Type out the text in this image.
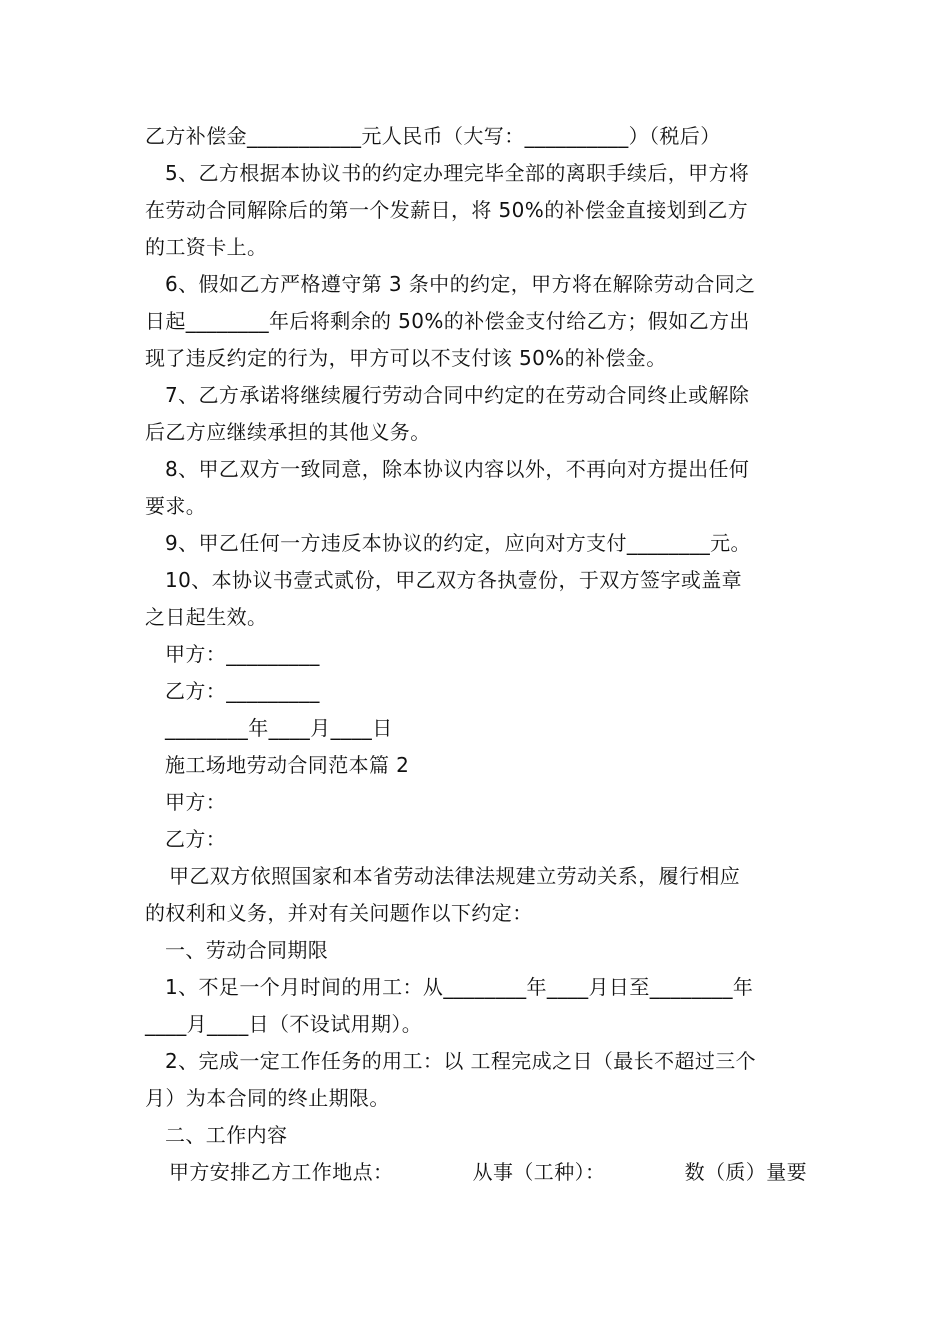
乙方补偿金___________元人民币（大写：__________）（税后）
5、乙方根据本协议书的约定办理完毕全部的离职手续后，甲方将
在劳动合同解除后的第一个发薪日，将 50%的补偿金直接划到乙方
的工资卡上。
6、假如乙方严格遵守第 3 条中的约定，甲方将在解除劳动合同之
日起________年后将剩余的 50%的补偿金支付给乙方；假如乙方出
现了违反约定的行为，甲方可以不支付该 50%的补偿金。
7、乙方承诺将继续履行劳动合同中约定的在劳动合同终止或解除
后乙方应继续承担的其他义务。
8、甲乙双方一致同意，除本协议内容以外，不再向对方提出任何
要求。
9、甲乙任何一方违反本协议的约定，应向对方支付________元。
10、本协议书壹式贰份，甲乙双方各执壹份，于双方签字或盖章
之日起生效。
甲方：_________
乙方：_________
________年____月____日
施工场地劳动合同范本篇 2
甲方：
乙方：
甲乙双方依照国家和本省劳动法律法规建立劳动关系，履行相应
的权利和义务，并对有关问题作以下约定：
一、劳动合同期限
1、不足一个月时间的用工：从________年____月日至________年
____月____日（不设试用期）。
2、完成一定工作任务的用工：以 工程完成之日（最长不超过三个
月）为本合同的终止期限。
二、工作内容
甲方安排乙方工作地点：	从事（工种）：	数（质）量要
